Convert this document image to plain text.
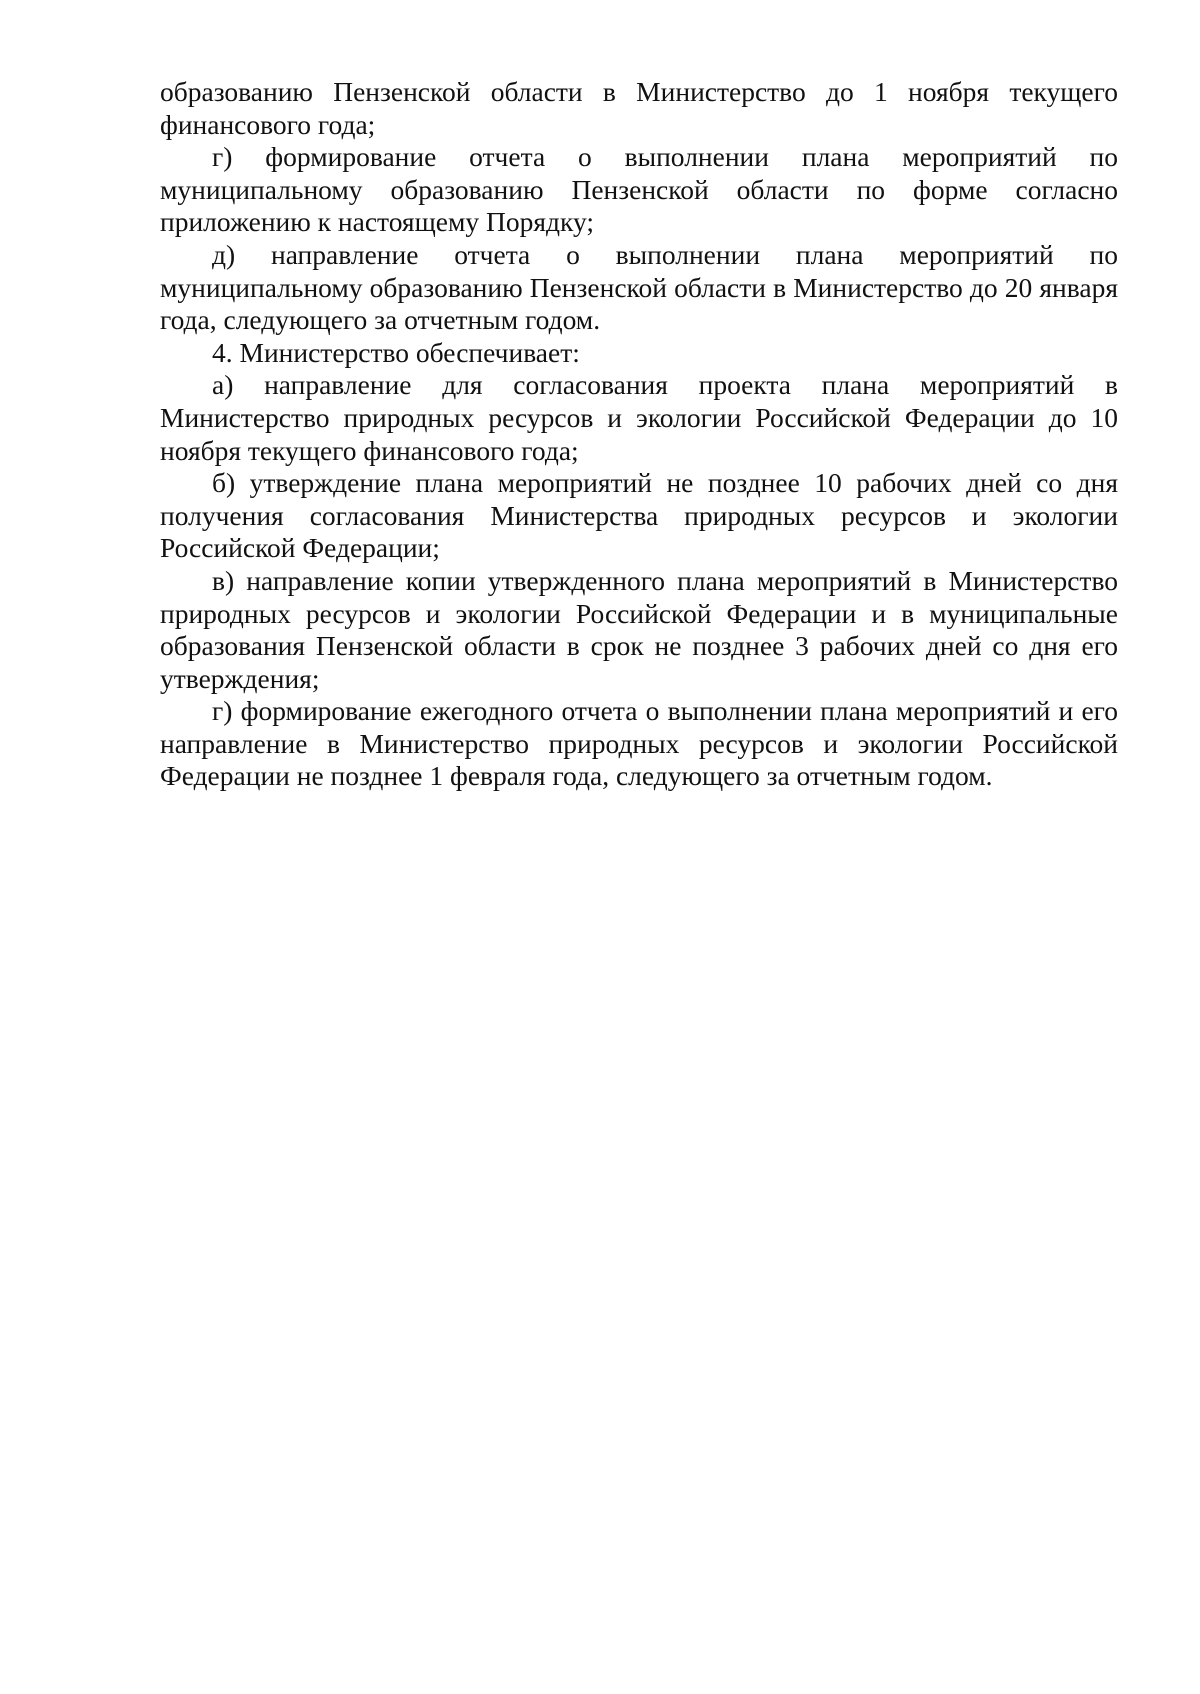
образованию Пензенской области в Министерство до 1 ноября текущего финансового года;

г) формирование отчета о выполнении плана мероприятий по муниципальному образованию Пензенской области по форме согласно приложению к настоящему Порядку;

д) направление отчета о выполнении плана мероприятий по муниципальному образованию Пензенской области в Министерство до 20 января года, следующего за отчетным годом.

4. Министерство обеспечивает:

а) направление для согласования проекта плана мероприятий в Министерство природных ресурсов и экологии Российской Федерации до 10 ноября текущего финансового года;

б) утверждение плана мероприятий не позднее 10 рабочих дней со дня получения согласования Министерства природных ресурсов и экологии Российской Федерации;

в) направление копии утвержденного плана мероприятий в Министерство природных ресурсов и экологии Российской Федерации и в муниципальные образования Пензенской области в срок не позднее 3 рабочих дней со дня его утверждения;

г) формирование ежегодного отчета о выполнении плана мероприятий и его направление в Министерство природных ресурсов и экологии Российской Федерации не позднее 1 февраля года, следующего за отчетным годом.
